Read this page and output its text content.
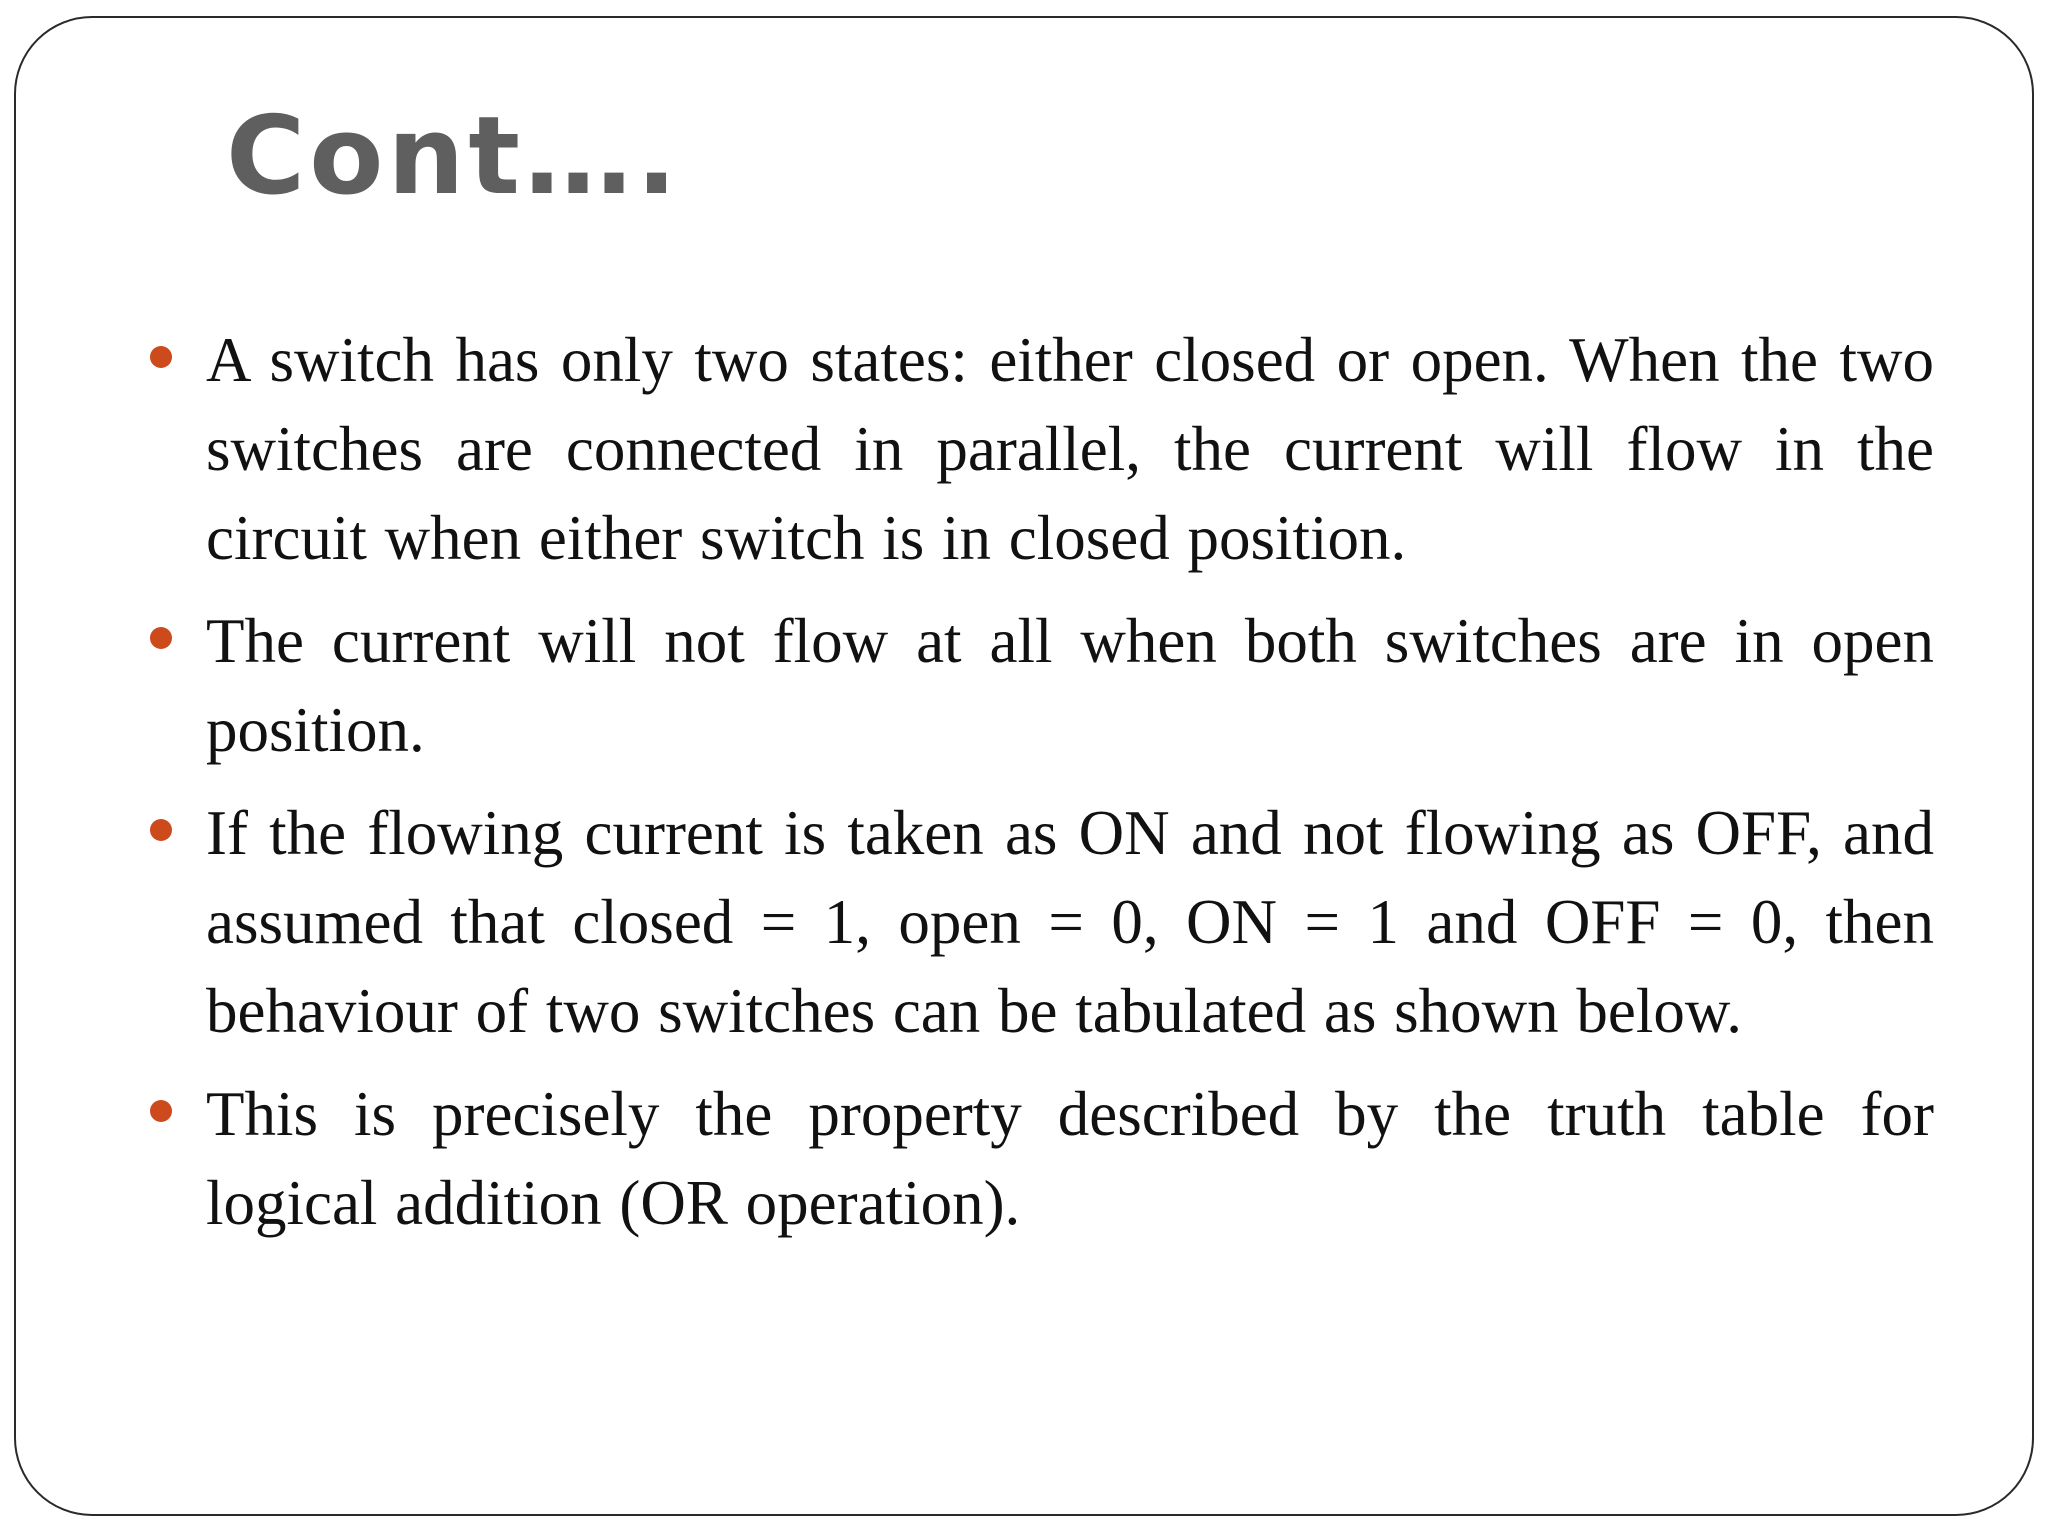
Cont….
A switch has only two states: either closed or open. When the two switches are connected in parallel, the current will flow in the circuit when either switch is in closed position.
The current will not flow at all when both switches are in open position.
If the flowing current is taken as ON and not flowing as OFF, and assumed that closed = 1, open = 0, ON = 1 and OFF = 0, then behaviour of two switches can be tabulated as shown below.
This is precisely the property described by the truth table for logical addition (OR operation).
